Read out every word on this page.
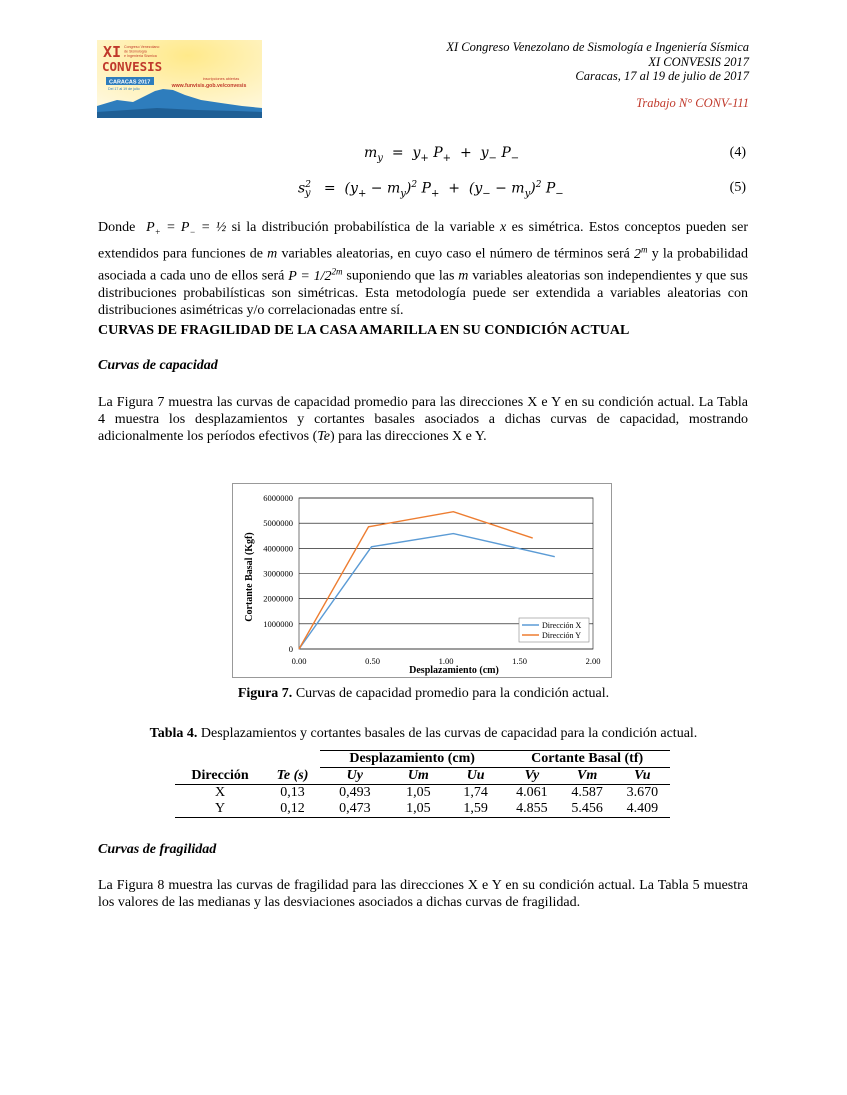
XI
CONVESIS
Congreso Venezolano
de Sismología
e Ingeniería Sísmica
CARACAS 2017
Del 17 al 19 de julio
inscripciones abiertas
www.funvisis.gob.ve/convesis
XI Congreso Venezolano de Sismología e Ingeniería Sísmica
XI CONVESIS 2017
Caracas, 17 al 19 de julio de 2017
Trabajo N° CONV-111
$m_y = y_+$ $P_+ + y_-$ $P_-$	(4)
$s^2_y = (y_+ - m_y)^2$ $P_+ + (y_- - m_y)^2$ $P_-$	(5)
Donde  $P_+ = P_-$ = ½ si la distribución probabilística de la variable x es simétrica. Estos conceptos pueden ser extendidos para funciones de m variables aleatorias, en cuyo caso el número de términos será 2$^m$ y la probabilidad asociada a cada uno de ellos será $P = 1/2^{2m}$ suponiendo que las m variables aleatorias son independientes y que sus distribuciones probabilísticas son simétricas. Esta metodología puede ser extendida a variables aleatorias con distribuciones asimétricas y/o correlacionadas entre sí.
CURVAS DE FRAGILIDAD DE LA CASA AMARILLA EN SU CONDICIÓN ACTUAL
Curvas de capacidad
La Figura 7 muestra las curvas de capacidad promedio para las direcciones X e Y en su condición actual. La Tabla 4 muestra los desplazamientos y cortantes basales asociados a dichas curvas de capacidad, mostrando adicionalmente los períodos efectivos (Te) para las direcciones X e Y.
0
1000000
2000000
3000000
4000000
5000000
6000000
0.00	0.50	1.00	1.50	2.00
Desplazamiento (cm)
Cortante Basal (Kgf)
Dirección X
Dirección Y
Figura 7. Curvas de capacidad promedio para la condición actual.
Tabla 4. Desplazamientos y cortantes basales de las curvas de capacidad para la condición actual.
		Desplazamiento (cm)			Cortante Basal (tf)		
Dirección	Te (s)	Uy	Um	Uu	Vy	Vm	Vu
X	0,13	0,493	1,05	1,74	4.061	4.587	3.670
Y	0,12	0,473	1,05	1,59	4.855	5.456	4.409
Curvas de fragilidad
La Figura 8 muestra las curvas de fragilidad para las direcciones X e Y en su condición actual. La Tabla 5 muestra los valores de las medianas y las desviaciones asociados a dichas curvas de fragilidad.
